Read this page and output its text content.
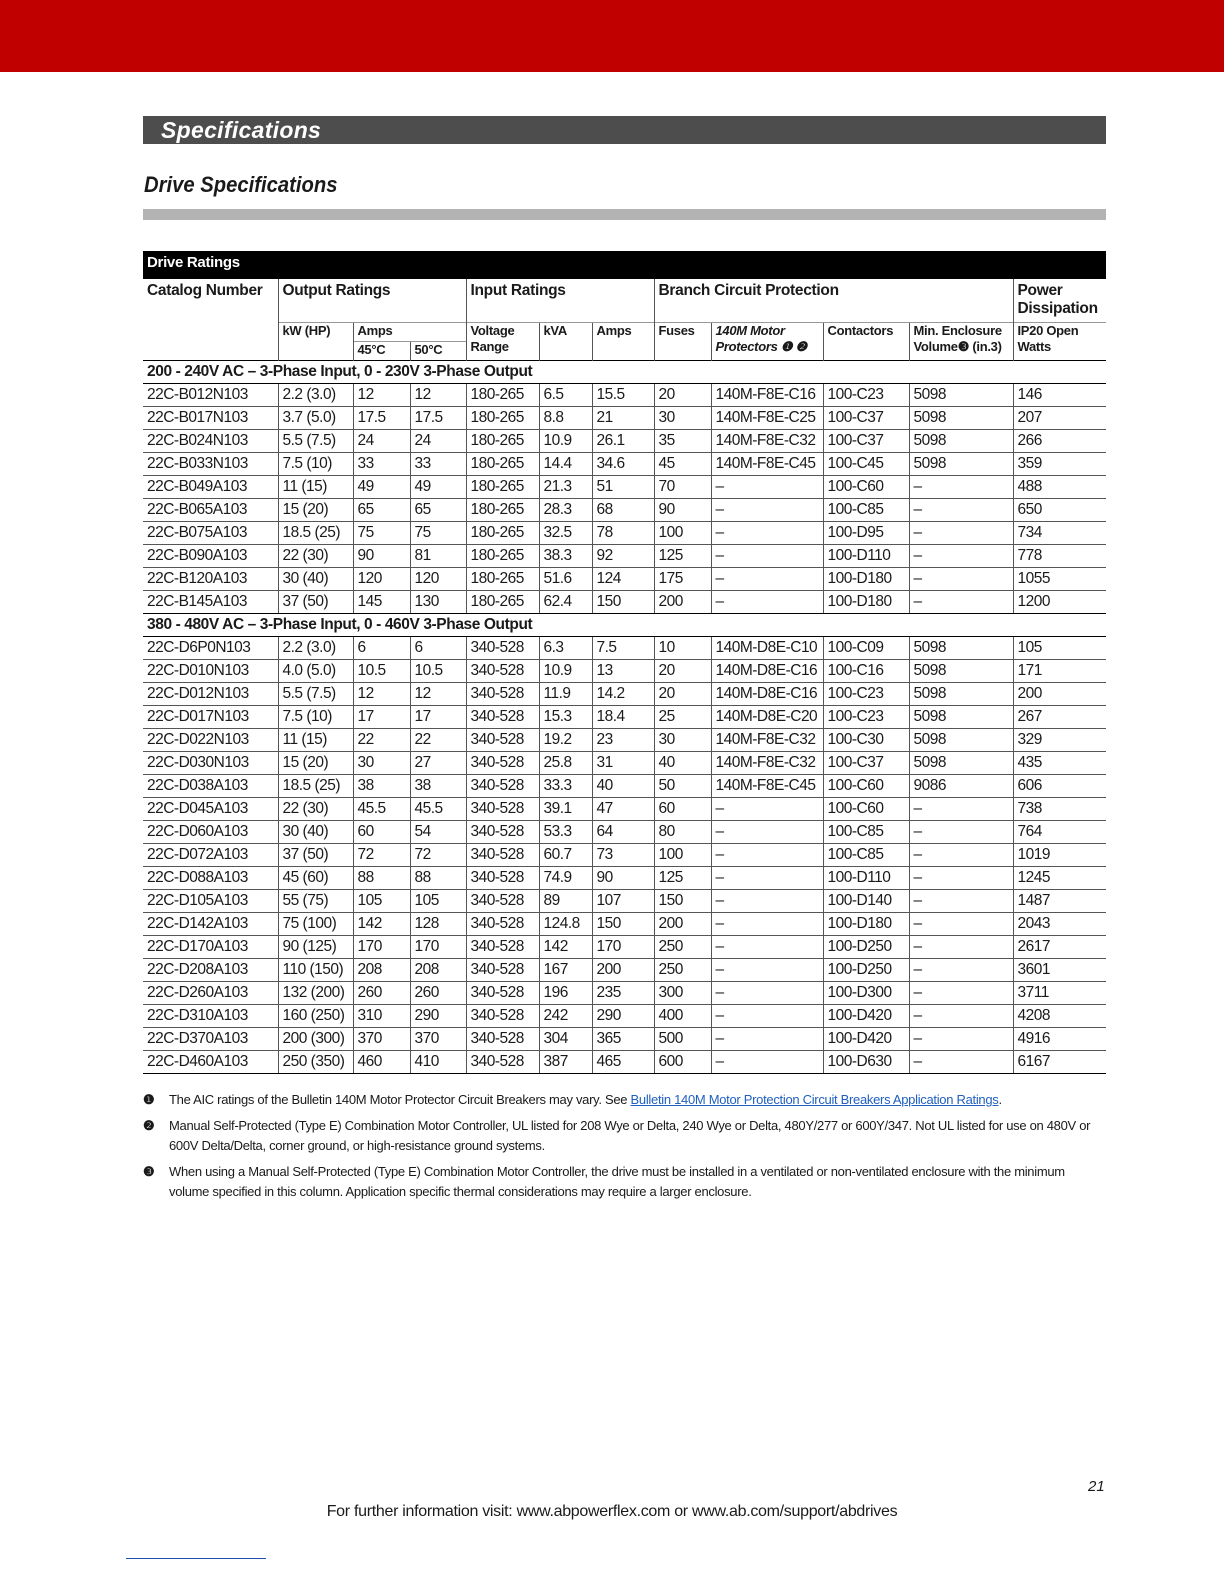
Specifications
Drive Specifications
Drive Ratings											
Catalog Number	Output Ratings			Input Ratings			Branch Circuit Protection				Power Dissipation
	kW (HP)	Amps		Voltage Range	kVA	Amps	Fuses	140M Motor Protectors ❶ ❷	Contactors	Min. Enclosure Volume❸ (in.3)	IP20 Open Watts
		45°C	50°C								
200 - 240V AC – 3-Phase Input, 0 - 230V 3-Phase Output											
22C-B012N103	2.2 (3.0)	12	12	180-265	6.5	15.5	20	140M-F8E-C16	100-C23	5098	146
22C-B017N103	3.7 (5.0)	17.5	17.5	180-265	8.8	21	30	140M-F8E-C25	100-C37	5098	207
22C-B024N103	5.5 (7.5)	24	24	180-265	10.9	26.1	35	140M-F8E-C32	100-C37	5098	266
22C-B033N103	7.5 (10)	33	33	180-265	14.4	34.6	45	140M-F8E-C45	100-C45	5098	359
22C-B049A103	11 (15)	49	49	180-265	21.3	51	70	–	100-C60	–	488
22C-B065A103	15 (20)	65	65	180-265	28.3	68	90	–	100-C85	–	650
22C-B075A103	18.5 (25)	75	75	180-265	32.5	78	100	–	100-D95	–	734
22C-B090A103	22 (30)	90	81	180-265	38.3	92	125	–	100-D110	–	778
22C-B120A103	30 (40)	120	120	180-265	51.6	124	175	–	100-D180	–	1055
22C-B145A103	37 (50)	145	130	180-265	62.4	150	200	–	100-D180	–	1200
380 - 480V AC – 3-Phase Input, 0 - 460V 3-Phase Output											
22C-D6P0N103	2.2 (3.0)	6	6	340-528	6.3	7.5	10	140M-D8E-C10	100-C09	5098	105
22C-D010N103	4.0 (5.0)	10.5	10.5	340-528	10.9	13	20	140M-D8E-C16	100-C16	5098	171
22C-D012N103	5.5 (7.5)	12	12	340-528	11.9	14.2	20	140M-D8E-C16	100-C23	5098	200
22C-D017N103	7.5 (10)	17	17	340-528	15.3	18.4	25	140M-D8E-C20	100-C23	5098	267
22C-D022N103	11 (15)	22	22	340-528	19.2	23	30	140M-F8E-C32	100-C30	5098	329
22C-D030N103	15 (20)	30	27	340-528	25.8	31	40	140M-F8E-C32	100-C37	5098	435
22C-D038A103	18.5 (25)	38	38	340-528	33.3	40	50	140M-F8E-C45	100-C60	9086	606
22C-D045A103	22 (30)	45.5	45.5	340-528	39.1	47	60	–	100-C60	–	738
22C-D060A103	30 (40)	60	54	340-528	53.3	64	80	–	100-C85	–	764
22C-D072A103	37 (50)	72	72	340-528	60.7	73	100	–	100-C85	–	1019
22C-D088A103	45 (60)	88	88	340-528	74.9	90	125	–	100-D110	–	1245
22C-D105A103	55 (75)	105	105	340-528	89	107	150	–	100-D140	–	1487
22C-D142A103	75 (100)	142	128	340-528	124.8	150	200	–	100-D180	–	2043
22C-D170A103	90 (125)	170	170	340-528	142	170	250	–	100-D250	–	2617
22C-D208A103	110 (150)	208	208	340-528	167	200	250	–	100-D250	–	3601
22C-D260A103	132 (200)	260	260	340-528	196	235	300	–	100-D300	–	3711
22C-D310A103	160 (250)	310	290	340-528	242	290	400	–	100-D420	–	4208
22C-D370A103	200 (300)	370	370	340-528	304	365	500	–	100-D420	–	4916
22C-D460A103	250 (350)	460	410	340-528	387	465	600	–	100-D630	–	6167
❶ The AIC ratings of the Bulletin 140M Motor Protector Circuit Breakers may vary. See Bulletin 140M Motor Protection Circuit Breakers Application Ratings.
❷ Manual Self-Protected (Type E) Combination Motor Controller, UL listed for 208 Wye or Delta, 240 Wye or Delta, 480Y/277 or 600Y/347. Not UL listed for use on 480V or 600V Delta/Delta, corner ground, or high-resistance ground systems.
❸ When using a Manual Self-Protected (Type E) Combination Motor Controller, the drive must be installed in a ventilated or non-ventilated enclosure with the minimum volume specified in this column. Application specific thermal considerations may require a larger enclosure.
21
For further information visit: www.abpowerflex.com or www.ab.com/support/abdrives
